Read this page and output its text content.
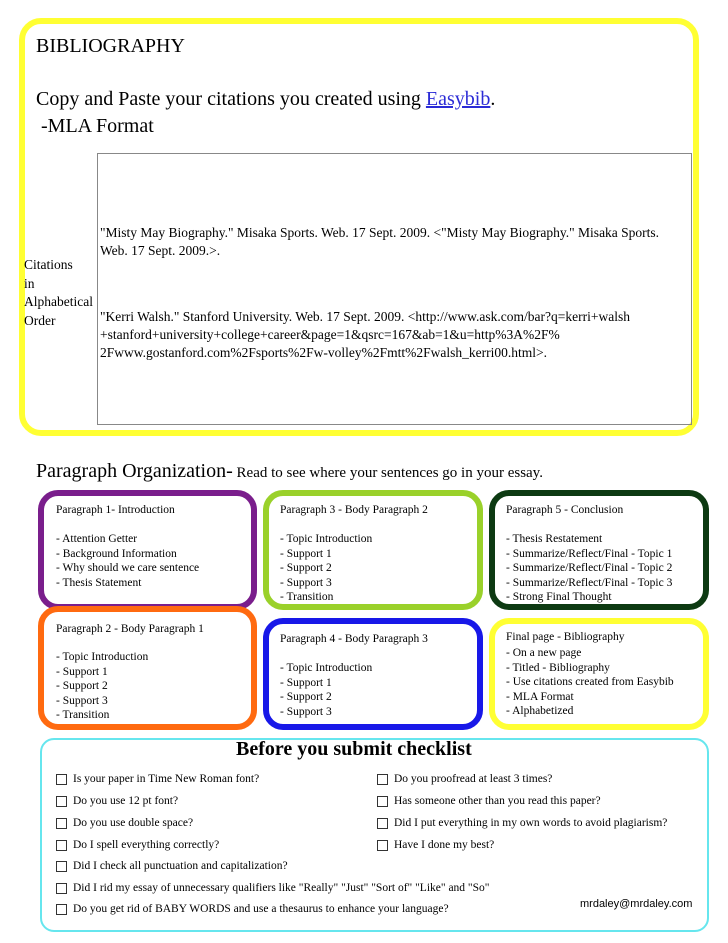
BIBLIOGRAPHY
Copy and Paste your citations you created using Easybib.
-MLA Format
Citations
in
Alphabetical
Order
"Misty May Biography." Misaka Sports. Web. 17 Sept. 2009. <"Misty May Biography." Misaka Sports. Web. 17 Sept. 2009.>.
"Kerri Walsh." Stanford University. Web. 17 Sept. 2009. <http://www.ask.com/bar?q=kerri+walsh +stanford+university+college+career&page=1&qsrc=167&ab=1&u=http%3A%2F% 2Fwww.gostanford.com%2Fsports%2Fw-volley%2Fmtt%2Fwalsh_kerri00.html>.
Paragraph Organization- Read to see where your sentences go in your essay.
Paragraph 1- Introduction
- Attention Getter
- Background Information
- Why should we care sentence
- Thesis Statement
Paragraph 3 - Body Paragraph 2
- Topic Introduction
- Support 1
- Support 2
- Support 3
- Transition
Paragraph 5 - Conclusion
- Thesis Restatement
- Summarize/Reflect/Final - Topic 1
- Summarize/Reflect/Final - Topic 2
- Summarize/Reflect/Final - Topic 3
- Strong Final Thought
Paragraph 2 - Body Paragraph 1
- Topic Introduction
- Support 1
- Support 2
- Support 3
- Transition
Paragraph 4 - Body Paragraph 3
- Topic Introduction
- Support 1
- Support 2
- Support 3
Final page - Bibliography
- On a new page
- Titled - Bibliography
- Use citations created from Easybib
- MLA Format
- Alphabetized
Before you submit checklist
Is your paper in Time New Roman font?
Do you use 12 pt font?
Do you use double space?
Do I spell everything correctly?
Did I check all punctuation and capitalization?
Did I rid my essay of unnecessary qualifiers like "Really" "Just" "Sort of" "Like" and "So"
Do you get rid of BABY WORDS and use a thesaurus to enhance your language?
Do you proofread at least 3 times?
Has someone other than you read this paper?
Did I put everything in my own words to avoid plagiarism?
Have I done my best?
mrdaley@mrdaley.com
